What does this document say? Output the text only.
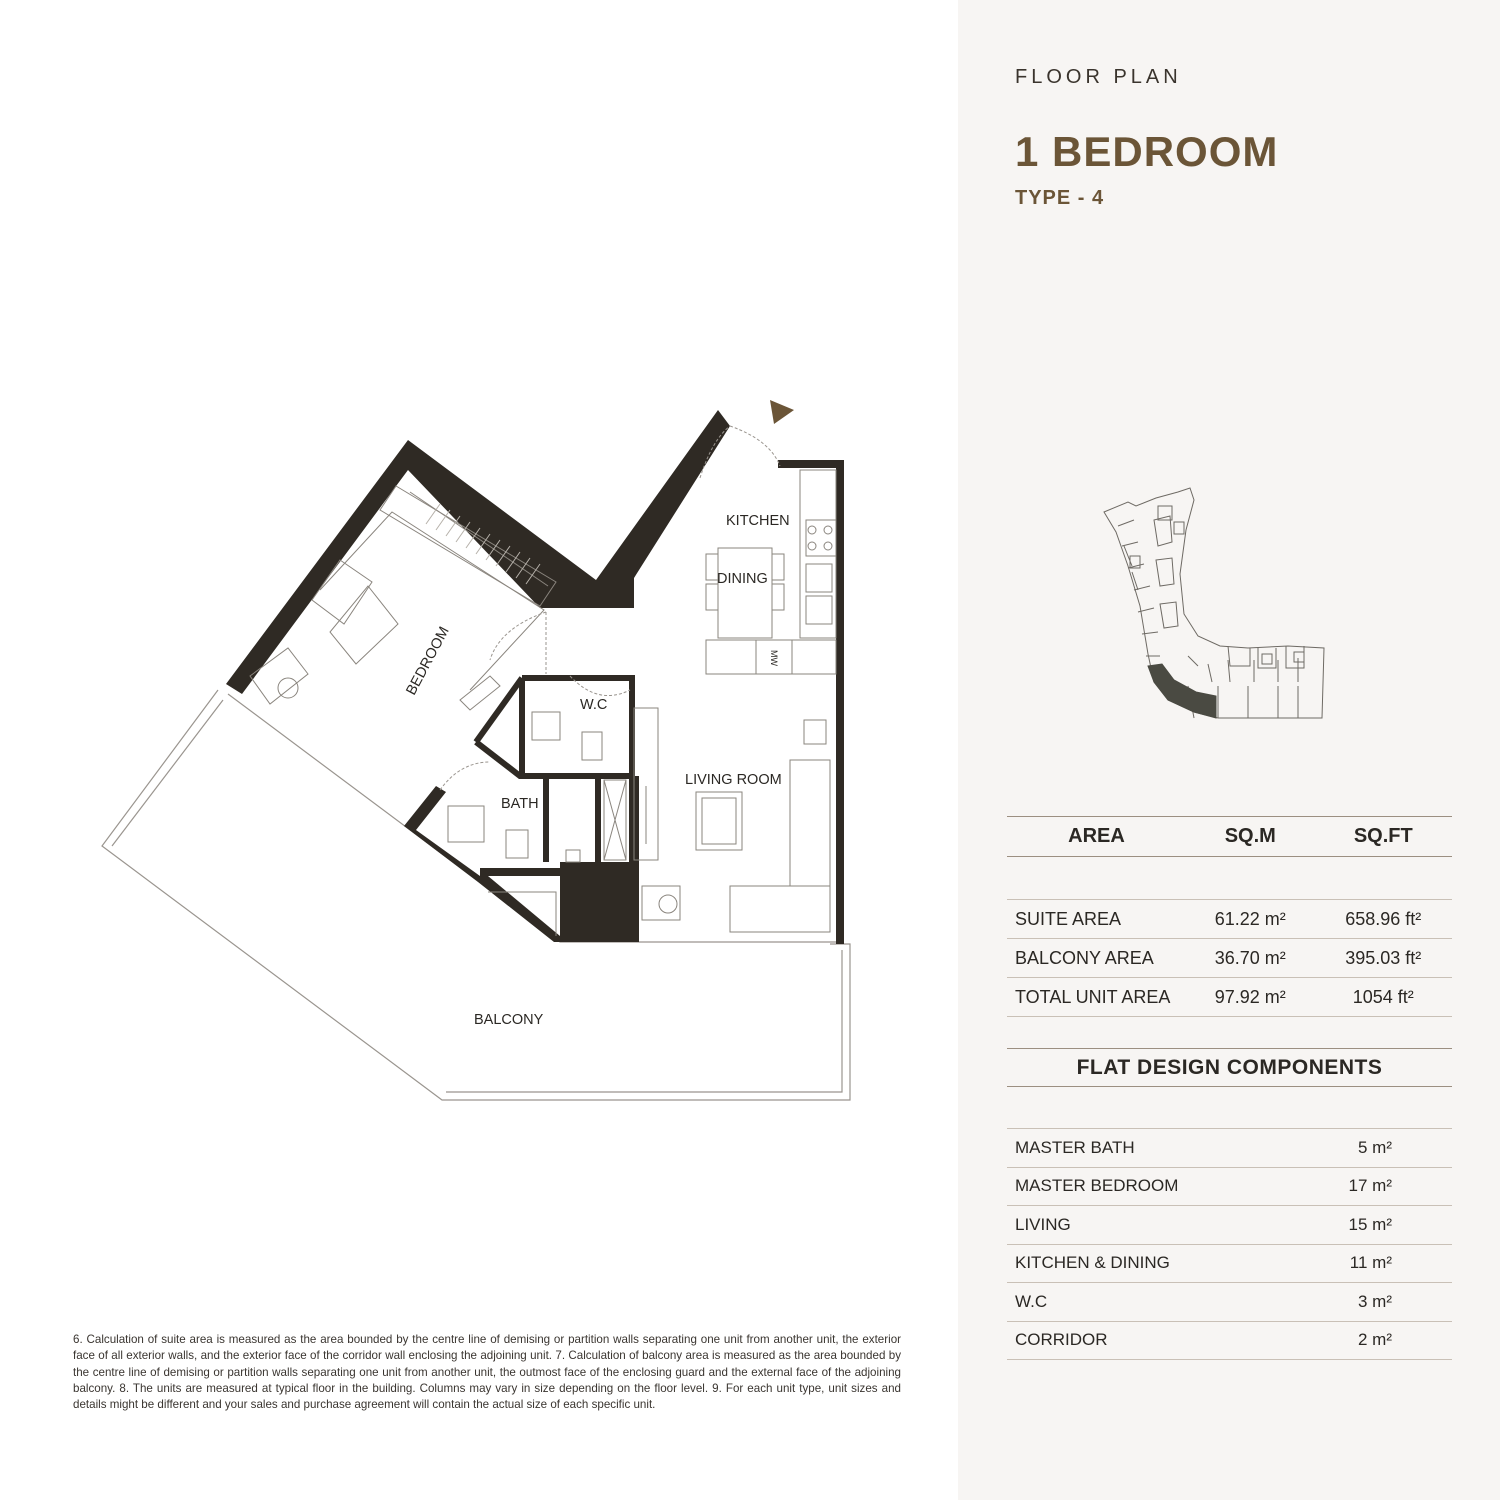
FLOOR PLAN
1 BEDROOM
TYPE - 4
AREA	SQ.M	SQ.FT

SUITE AREA	61.22 m²	658.96 ft²
BALCONY AREA	36.70 m²	395.03 ft²
TOTAL UNIT AREA	97.92 m²	1054 ft²
FLAT DESIGN COMPONENTS
MASTER BATH	5 m²
MASTER BEDROOM	17 m²
LIVING	15 m²
KITCHEN & DINING	11 m²
W.C	3 m²
CORRIDOR	2 m²
KITCHEN
DINING
W.C
LIVING ROOM
BATH
BALCONY
BEDROOM	MW
6. Calculation of suite area is measured as the area bounded by the centre line of demising or partition walls separating one unit from another unit, the exterior face of all exterior walls, and the exterior face of the corridor wall enclosing the adjoining unit. 7. Calculation of balcony area is measured as the area bounded by the centre line of demising or partition walls separating one unit from another unit, the outmost face of the enclosing guard and the external face of the adjoining balcony. 8. The units are measured at typical floor in the building. Columns may vary in size depending on the floor level. 9. For each unit type, unit sizes and details might be different and your sales and purchase agreement will contain the actual size of each specific unit.
